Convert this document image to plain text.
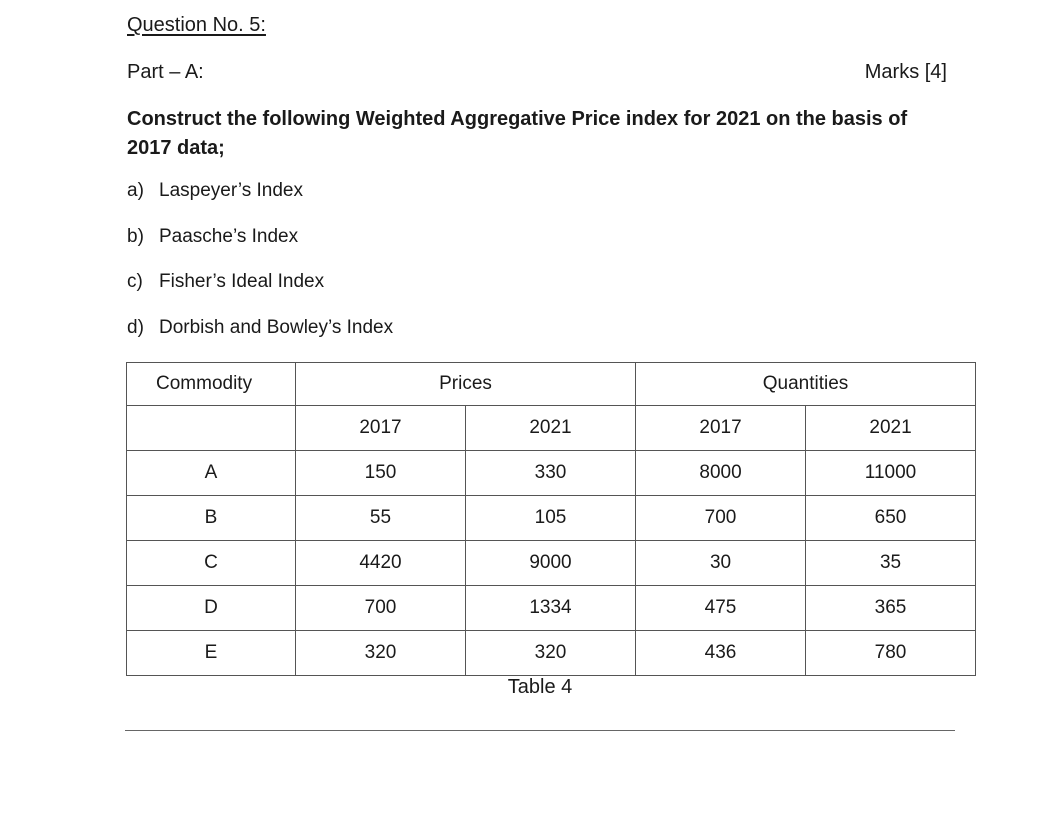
Question No. 5:
Part – A:	Marks [4]
Construct the following Weighted Aggregative Price index for 2021 on the basis of 2017 data;
a) Laspeyer’s Index
b) Paasche’s Index
c) Fisher’s Ideal Index
d) Dorbish and Bowley’s Index
Commodity	Prices		Quantities	
	2017	2021	2017	2021
A	150	330	8000	11000
B	55	105	700	650
C	4420	9000	30	35
D	700	1334	475	365
E	320	320	436	780
Table 4
